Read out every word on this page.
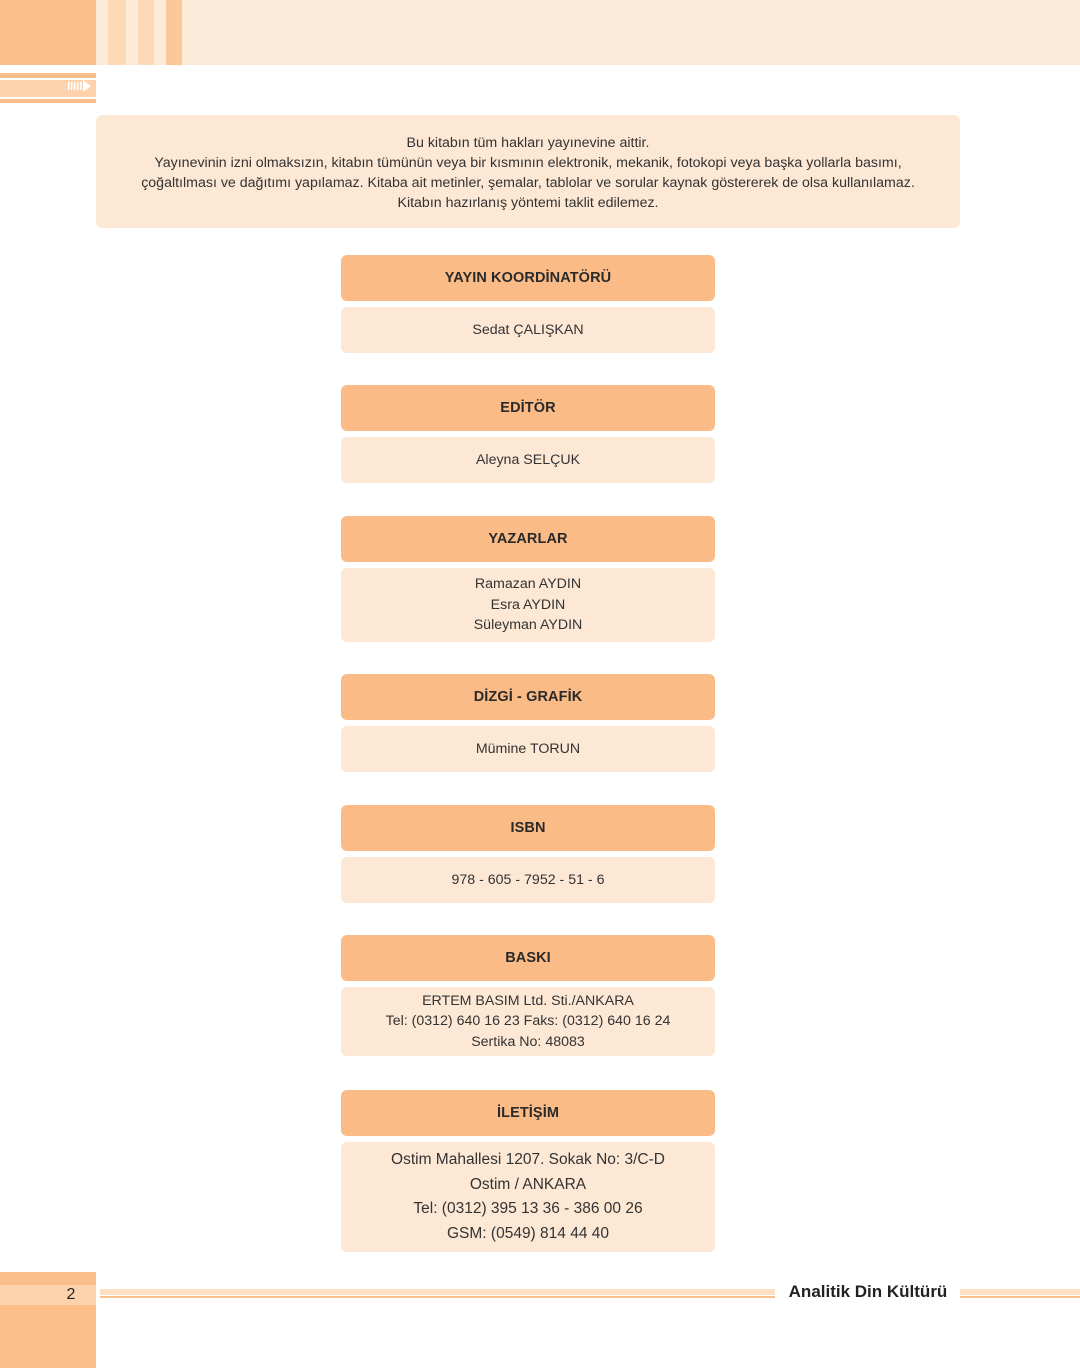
Bu kitabın tüm hakları yayınevine aittir.

Yayınevinin izni olmaksızın, kitabın tümünün veya bir kısmının elektronik, mekanik, fotokopi veya başka yollarla basımı,

çoğaltılması ve dağıtımı yapılamaz. Kitaba ait metinler, şemalar, tablolar ve sorular kaynak göstererek de olsa kullanılamaz.

Kitabın hazırlanış yöntemi taklit edilemez.

YAYIN KOORDİNATÖRÜ
Sedat ÇALIŞKAN
EDİTÖR
Aleyna SELÇUK
YAZARLAR
Ramazan AYDIN
Esra AYDIN
Süleyman AYDIN
DİZGİ - GRAFİK
Mümine TORUN
ISBN
978 - 605 - 7952 - 51 - 6
BASKI
ERTEM BASIM Ltd. Sti./ANKARA
Tel: (0312) 640 16 23 Faks: (0312) 640 16 24
Sertika No: 48083
İLETİŞİM
Ostim Mahallesi 1207. Sokak No: 3/C-D
Ostim / ANKARA
Tel: (0312) 395 13 36 - 386 00 26
GSM: (0549) 814 44 40
2	Analitik Din Kültürü
